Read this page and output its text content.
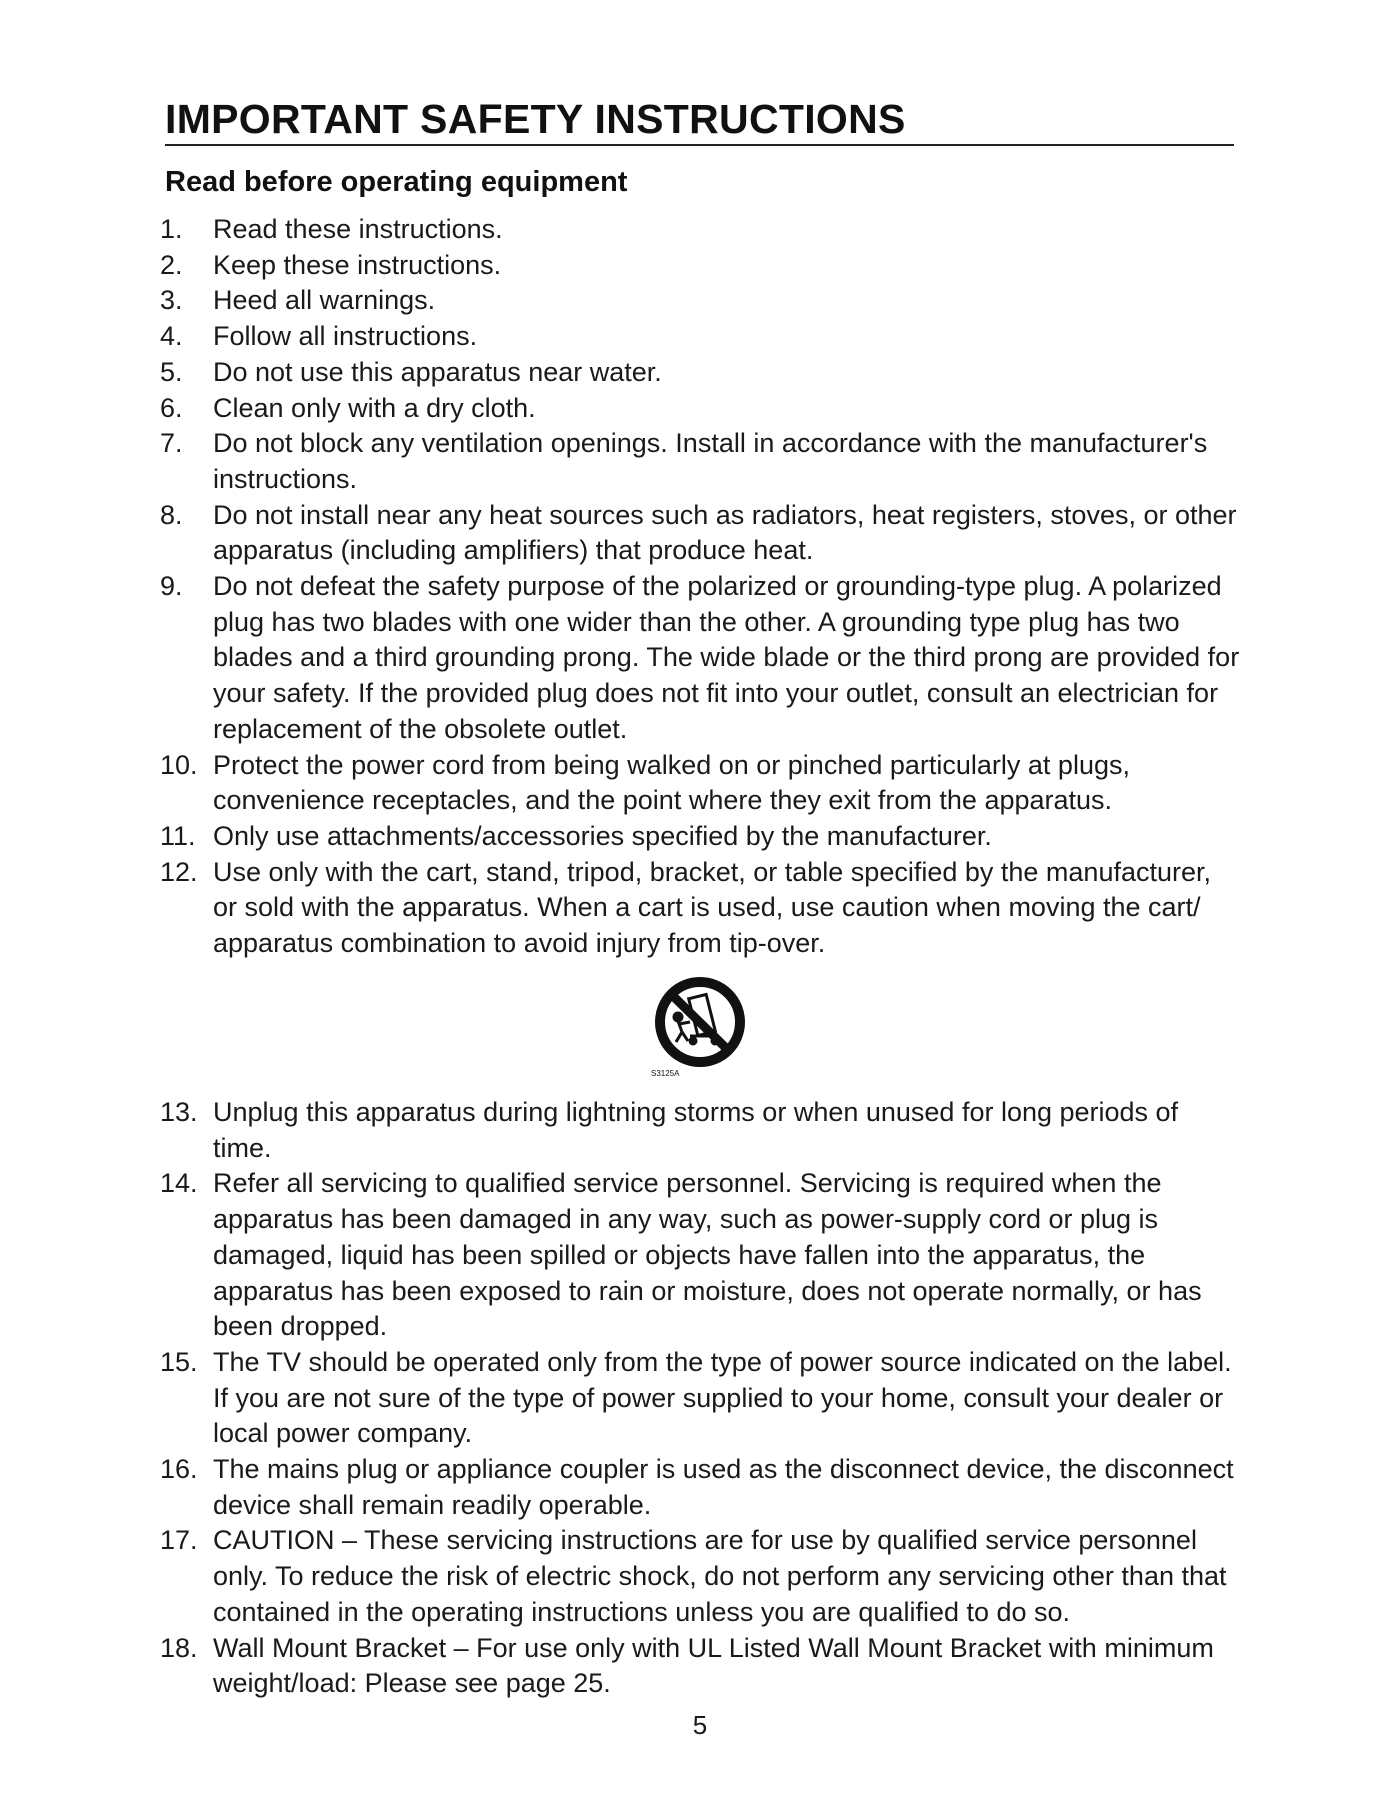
IMPORTANT SAFETY INSTRUCTIONS
Read before operating equipment
1. Read these instructions.
2. Keep these instructions.
3. Heed all warnings.
4. Follow all instructions.
5. Do not use this apparatus near water.
6. Clean only with a dry cloth.
7. Do not block any ventilation openings. Install in accordance with the manufacturer's instructions.
8. Do not install near any heat sources such as radiators, heat registers, stoves, or other apparatus (including amplifiers) that produce heat.
9. Do not defeat the safety purpose of the polarized or grounding-type plug. A polarized plug has two blades with one wider than the other. A grounding type plug has two blades and a third grounding prong. The wide blade or the third prong are provided for your safety. If the provided plug does not fit into your outlet, consult an electrician for replacement of the obsolete outlet.
10. Protect the power cord from being walked on or pinched particularly at plugs, convenience receptacles, and the point where they exit from the apparatus.
11. Only use attachments/accessories specified by the manufacturer.
12. Use only with the cart, stand, tripod, bracket, or table specified by the manufacturer, or sold with the apparatus. When a cart is used, use caution when moving the cart/ apparatus combination to avoid injury from tip-over.
S3125A
13. Unplug this apparatus during lightning storms or when unused for long periods of time.
14. Refer all servicing to qualified service personnel. Servicing is required when the apparatus has been damaged in any way, such as power-supply cord or plug is damaged, liquid has been spilled or objects have fallen into the apparatus, the apparatus has been exposed to rain or moisture, does not operate normally, or has been dropped.
15. The TV should be operated only from the type of power source indicated on the label. If you are not sure of the type of power supplied to your home, consult your dealer or local power company.
16. The mains plug or appliance coupler is used as the disconnect device, the disconnect device shall remain readily operable.
17. CAUTION – These servicing instructions are for use by qualified service personnel only. To reduce the risk of electric shock, do not perform any servicing other than that contained in the operating instructions unless you are qualified to do so.
18. Wall Mount Bracket – For use only with UL Listed Wall Mount Bracket with minimum weight/load: Please see page 25.
5
